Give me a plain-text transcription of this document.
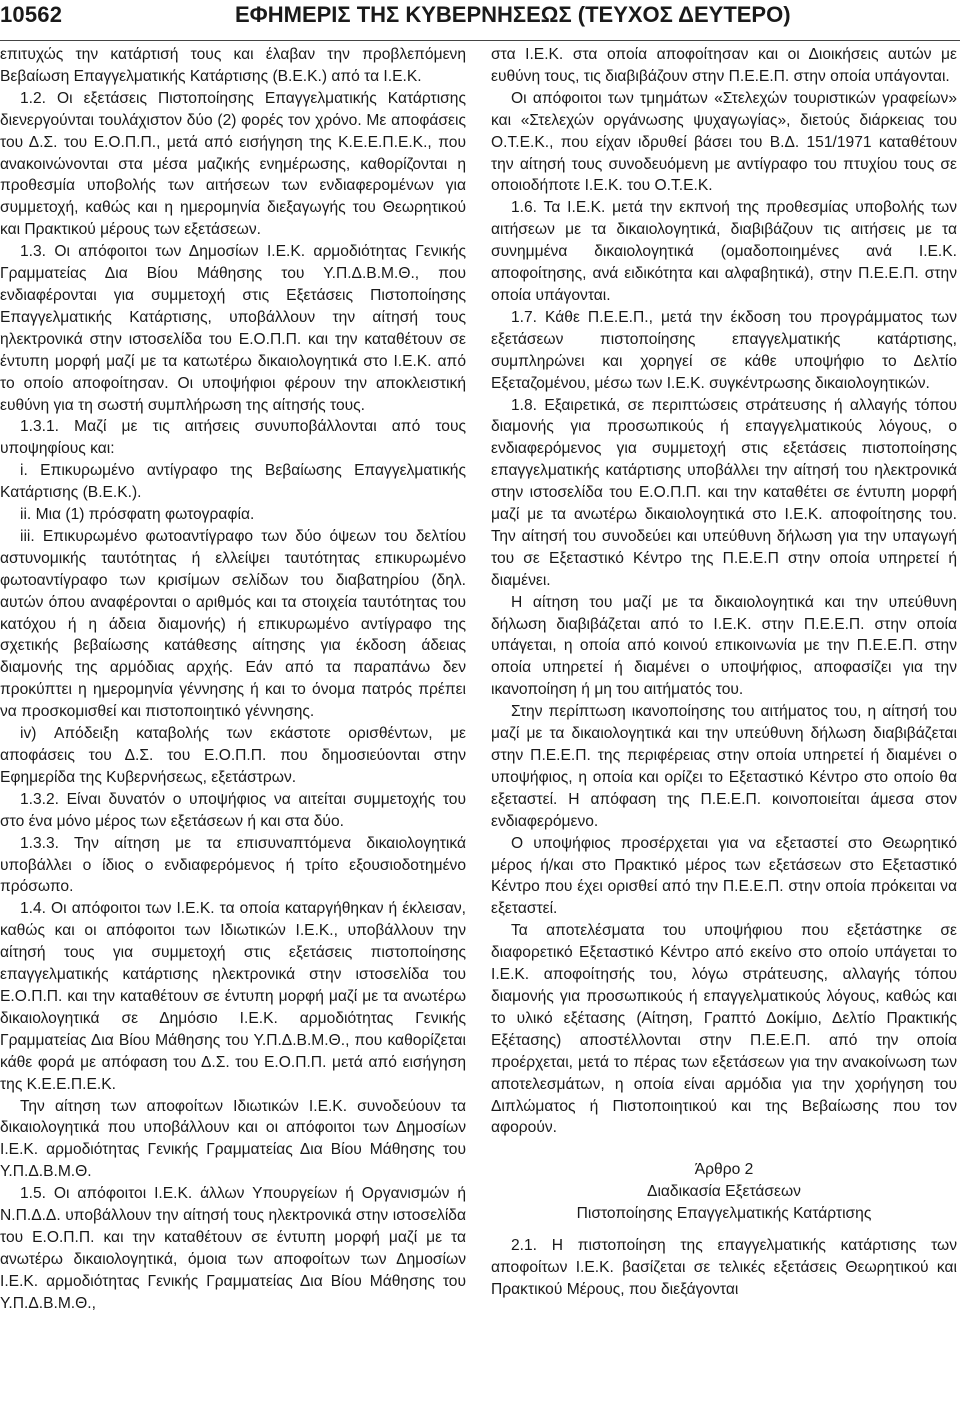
10562	ΕΦΗΜΕΡΙΣ ΤΗΣ ΚΥΒΕΡΝΗΣΕΩΣ (ΤΕΥΧΟΣ ΔΕΥΤΕΡΟ)

επιτυχώς την κατάρτισή τους και έλαβαν την προβλεπόμενη Βεβαίωση Επαγγελματικής Κατάρτισης (Β.Ε.Κ.) από τα Ι.Ε.Κ.

1.2. Οι εξετάσεις Πιστοποίησης Επαγγελματικής Κατάρτισης διενεργούνται τουλάχιστον δύο (2) φορές τον χρόνο. Με αποφάσεις του Δ.Σ. του Ε.Ο.Π.Π., μετά από εισήγηση της Κ.Ε.Ε.Π.Ε.Κ., που ανακοινώνονται στα μέσα μαζικής ενημέρωσης, καθορίζονται η προθεσμία υποβολής των αιτήσεων των ενδιαφερομένων για συμμετοχή, καθώς και η ημερομηνία διεξαγωγής του Θεωρητικού και Πρακτικού μέρους των εξετάσεων.

1.3. Οι απόφοιτοι των Δημοσίων Ι.Ε.Κ. αρμοδιότητας Γενικής Γραμματείας Δια Βίου Μάθησης του Υ.Π.Δ.Β.Μ.Θ., που ενδιαφέρονται για συμμετοχή στις Εξετάσεις Πιστοποίησης Επαγγελματικής Κατάρτισης, υποβάλλουν την αίτησή τους ηλεκτρονικά στην ιστοσελίδα του Ε.Ο.Π.Π. και την καταθέτουν σε έντυπη μορφή μαζί με τα κατωτέρω δικαιολογητικά στο Ι.Ε.Κ. από το οποίο αποφοίτησαν. Οι υποψήφιοι φέρουν την αποκλειστική ευθύνη για τη σωστή συμπλήρωση της αίτησής τους.

1.3.1. Μαζί με τις αιτήσεις συνυποβάλλονται από τους υποψηφίους και:

i. Επικυρωμένο αντίγραφο της Βεβαίωσης Επαγγελματικής Κατάρτισης (Β.Ε.Κ.).

ii. Μια (1) πρόσφατη φωτογραφία.

iii. Επικυρωμένο φωτοαντίγραφο των δύο όψεων του δελτίου αστυνομικής ταυτότητας ή ελλείψει ταυτότητας επικυρωμένο φωτοαντίγραφο των κρισίμων σελίδων του διαβατηρίου (δηλ. αυτών όπου αναφέρονται ο αριθμός και τα στοιχεία ταυτότητας του κατόχου ή η άδεια διαμονής) ή επικυρωμένο αντίγραφο της σχετικής βεβαίωσης κατάθεσης αίτησης για έκδοση άδειας διαμονής της αρμόδιας αρχής. Εάν από τα παραπάνω δεν προκύπτει η ημερομηνία γέννησης ή και το όνομα πατρός πρέπει να προσκομισθεί και πιστοποιητικό γέννησης.

iv) Απόδειξη καταβολής των εκάστοτε ορισθέντων, με αποφάσεις του Δ.Σ. του Ε.Ο.Π.Π. που δημοσιεύονται στην Εφημερίδα της Κυβερνήσεως, εξετάστρων.

1.3.2. Είναι δυνατόν ο υποψήφιος να αιτείται συμμετοχής του στο ένα μόνο μέρος των εξετάσεων ή και στα δύο.

1.3.3. Την αίτηση με τα επισυναπτόμενα δικαιολογητικά υποβάλλει ο ίδιος ο ενδιαφερόμενος ή τρίτο εξουσιοδοτημένο πρόσωπο.

1.4. Οι απόφοιτοι των Ι.Ε.Κ. τα οποία καταργήθηκαν ή έκλεισαν, καθώς και οι απόφοιτοι των Ιδιωτικών Ι.Ε.Κ., υποβάλλουν την αίτησή τους για συμμετοχή στις εξετάσεις πιστοποίησης επαγγελματικής κατάρτισης ηλεκτρονικά στην ιστοσελίδα του Ε.Ο.Π.Π. και την καταθέτουν σε έντυπη μορφή μαζί με τα ανωτέρω δικαιολογητικά σε Δημόσιο Ι.Ε.Κ. αρμοδιότητας Γενικής Γραμματείας Δια Βίου Μάθησης του Υ.Π.Δ.Β.Μ.Θ., που καθορίζεται κάθε φορά με απόφαση του Δ.Σ. του Ε.Ο.Π.Π. μετά από εισήγηση της Κ.Ε.Ε.Π.Ε.Κ.

Την αίτηση των αποφοίτων Ιδιωτικών Ι.Ε.Κ. συνοδεύουν τα δικαιολογητικά που υποβάλλουν και οι απόφοιτοι των Δημοσίων Ι.Ε.Κ. αρμοδιότητας Γενικής Γραμματείας Δια Βίου Μάθησης του Υ.Π.Δ.Β.Μ.Θ.

1.5. Οι απόφοιτοι Ι.Ε.Κ. άλλων Υπουργείων ή Οργανισμών ή Ν.Π.Δ.Δ. υποβάλλουν την αίτησή τους ηλεκτρονικά στην ιστοσελίδα του Ε.Ο.Π.Π. και την καταθέτουν σε έντυπη μορφή μαζί με τα ανωτέρω δικαιολογητικά, όμοια των αποφοίτων των Δημοσίων Ι.Ε.Κ. αρμοδιότητας Γενικής Γραμματείας Δια Βίου Μάθησης του Υ.Π.Δ.Β.Μ.Θ.,

στα Ι.Ε.Κ. στα οποία αποφοίτησαν και οι Διοικήσεις αυτών με ευθύνη τους, τις διαβιβάζουν στην Π.Ε.Ε.Π. στην οποία υπάγονται.

Οι απόφοιτοι των τμημάτων «Στελεχών τουριστικών γραφείων» και «Στελεχών οργάνωσης ψυχαγωγίας», διετούς διάρκειας του Ο.Τ.Ε.Κ., που είχαν ιδρυθεί βάσει του Β.Δ. 151/1971 καταθέτουν την αίτησή τους συνοδευόμενη με αντίγραφο του πτυχίου τους σε οποιοδήποτε Ι.Ε.Κ. του Ο.Τ.Ε.Κ.

1.6. Τα Ι.Ε.Κ. μετά την εκπνοή της προθεσμίας υποβολής των αιτήσεων με τα δικαιολογητικά, διαβιβάζουν τις αιτήσεις με τα συνημμένα δικαιολογητικά (ομαδοποιημένες ανά Ι.Ε.Κ. αποφοίτησης, ανά ειδικότητα και αλφαβητικά), στην Π.Ε.Ε.Π. στην οποία υπάγονται.

1.7. Κάθε Π.Ε.Ε.Π., μετά την έκδοση του προγράμματος των εξετάσεων πιστοποίησης επαγγελματικής κατάρτισης, συμπληρώνει και χορηγεί σε κάθε υποψήφιο το Δελτίο Εξεταζομένου, μέσω των Ι.Ε.Κ. συγκέντρωσης δικαιολογητικών.

1.8. Εξαιρετικά, σε περιπτώσεις στράτευσης ή αλλαγής τόπου διαμονής για προσωπικούς ή επαγγελματικούς λόγους, ο ενδιαφερόμενος για συμμετοχή στις εξετάσεις πιστοποίησης επαγγελματικής κατάρτισης υποβάλλει την αίτησή του ηλεκτρονικά στην ιστοσελίδα του Ε.Ο.Π.Π. και την καταθέτει σε έντυπη μορφή μαζί με τα ανωτέρω δικαιολογητικά στο Ι.Ε.Κ. αποφοίτησης του. Την αίτησή του συνοδεύει και υπεύθυνη δήλωση για την υπαγωγή του σε Εξεταστικό Κέντρο της Π.Ε.Ε.Π στην οποία υπηρετεί ή διαμένει.

Η αίτηση του μαζί με τα δικαιολογητικά και την υπεύθυνη δήλωση διαβιβάζεται από το Ι.Ε.Κ. στην Π.Ε.Ε.Π. στην οποία υπάγεται, η οποία από κοινού επικοινωνία με την Π.Ε.Ε.Π. στην οποία υπηρετεί ή διαμένει ο υποψήφιος, αποφασίζει για την ικανοποίηση ή μη του αιτήματός του.

Στην περίπτωση ικανοποίησης του αιτήματος του, η αίτησή του μαζί με τα δικαιολογητικά και την υπεύθυνη δήλωση διαβιβάζεται στην Π.Ε.Ε.Π. της περιφέρειας στην οποία υπηρετεί ή διαμένει ο υποψήφιος, η οποία και ορίζει το Εξεταστικό Κέντρο στο οποίο θα εξεταστεί. Η απόφαση της Π.Ε.Ε.Π. κοινοποιείται άμεσα στον ενδιαφερόμενο.

Ο υποψήφιος προσέρχεται για να εξεταστεί στο Θεωρητικό μέρος ή/και στο Πρακτικό μέρος των εξετάσεων στο Εξεταστικό Κέντρο που έχει ορισθεί από την Π.Ε.Ε.Π. στην οποία πρόκειται να εξεταστεί.

Τα αποτελέσματα του υποψήφιου που εξετάστηκε σε διαφορετικό Εξεταστικό Κέντρο από εκείνο στο οποίο υπάγεται το Ι.Ε.Κ. αποφοίτησής του, λόγω στράτευσης, αλλαγής τόπου διαμονής για προσωπικούς ή επαγγελματικούς λόγους, καθώς και το υλικό εξέτασης (Αίτηση, Γραπτό Δοκίμιο, Δελτίο Πρακτικής Εξέτασης) αποστέλλονται στην Π.Ε.Ε.Π. από την οποία προέρχεται, μετά το πέρας των εξετάσεων για την ανακοίνωση των αποτελεσμάτων, η οποία είναι αρμόδια για την χορήγηση του Διπλώματος ή Πιστοποιητικού και της Βεβαίωσης που τον αφορούν.

Άρθρο 2

Διαδικασία Εξετάσεων

Πιστοποίησης Επαγγελματικής Κατάρτισης

2.1. Η πιστοποίηση της επαγγελματικής κατάρτισης των αποφοίτων Ι.Ε.Κ. βασίζεται σε τελικές εξετάσεις Θεωρητικού και Πρακτικού Μέρους, που διεξάγονται
